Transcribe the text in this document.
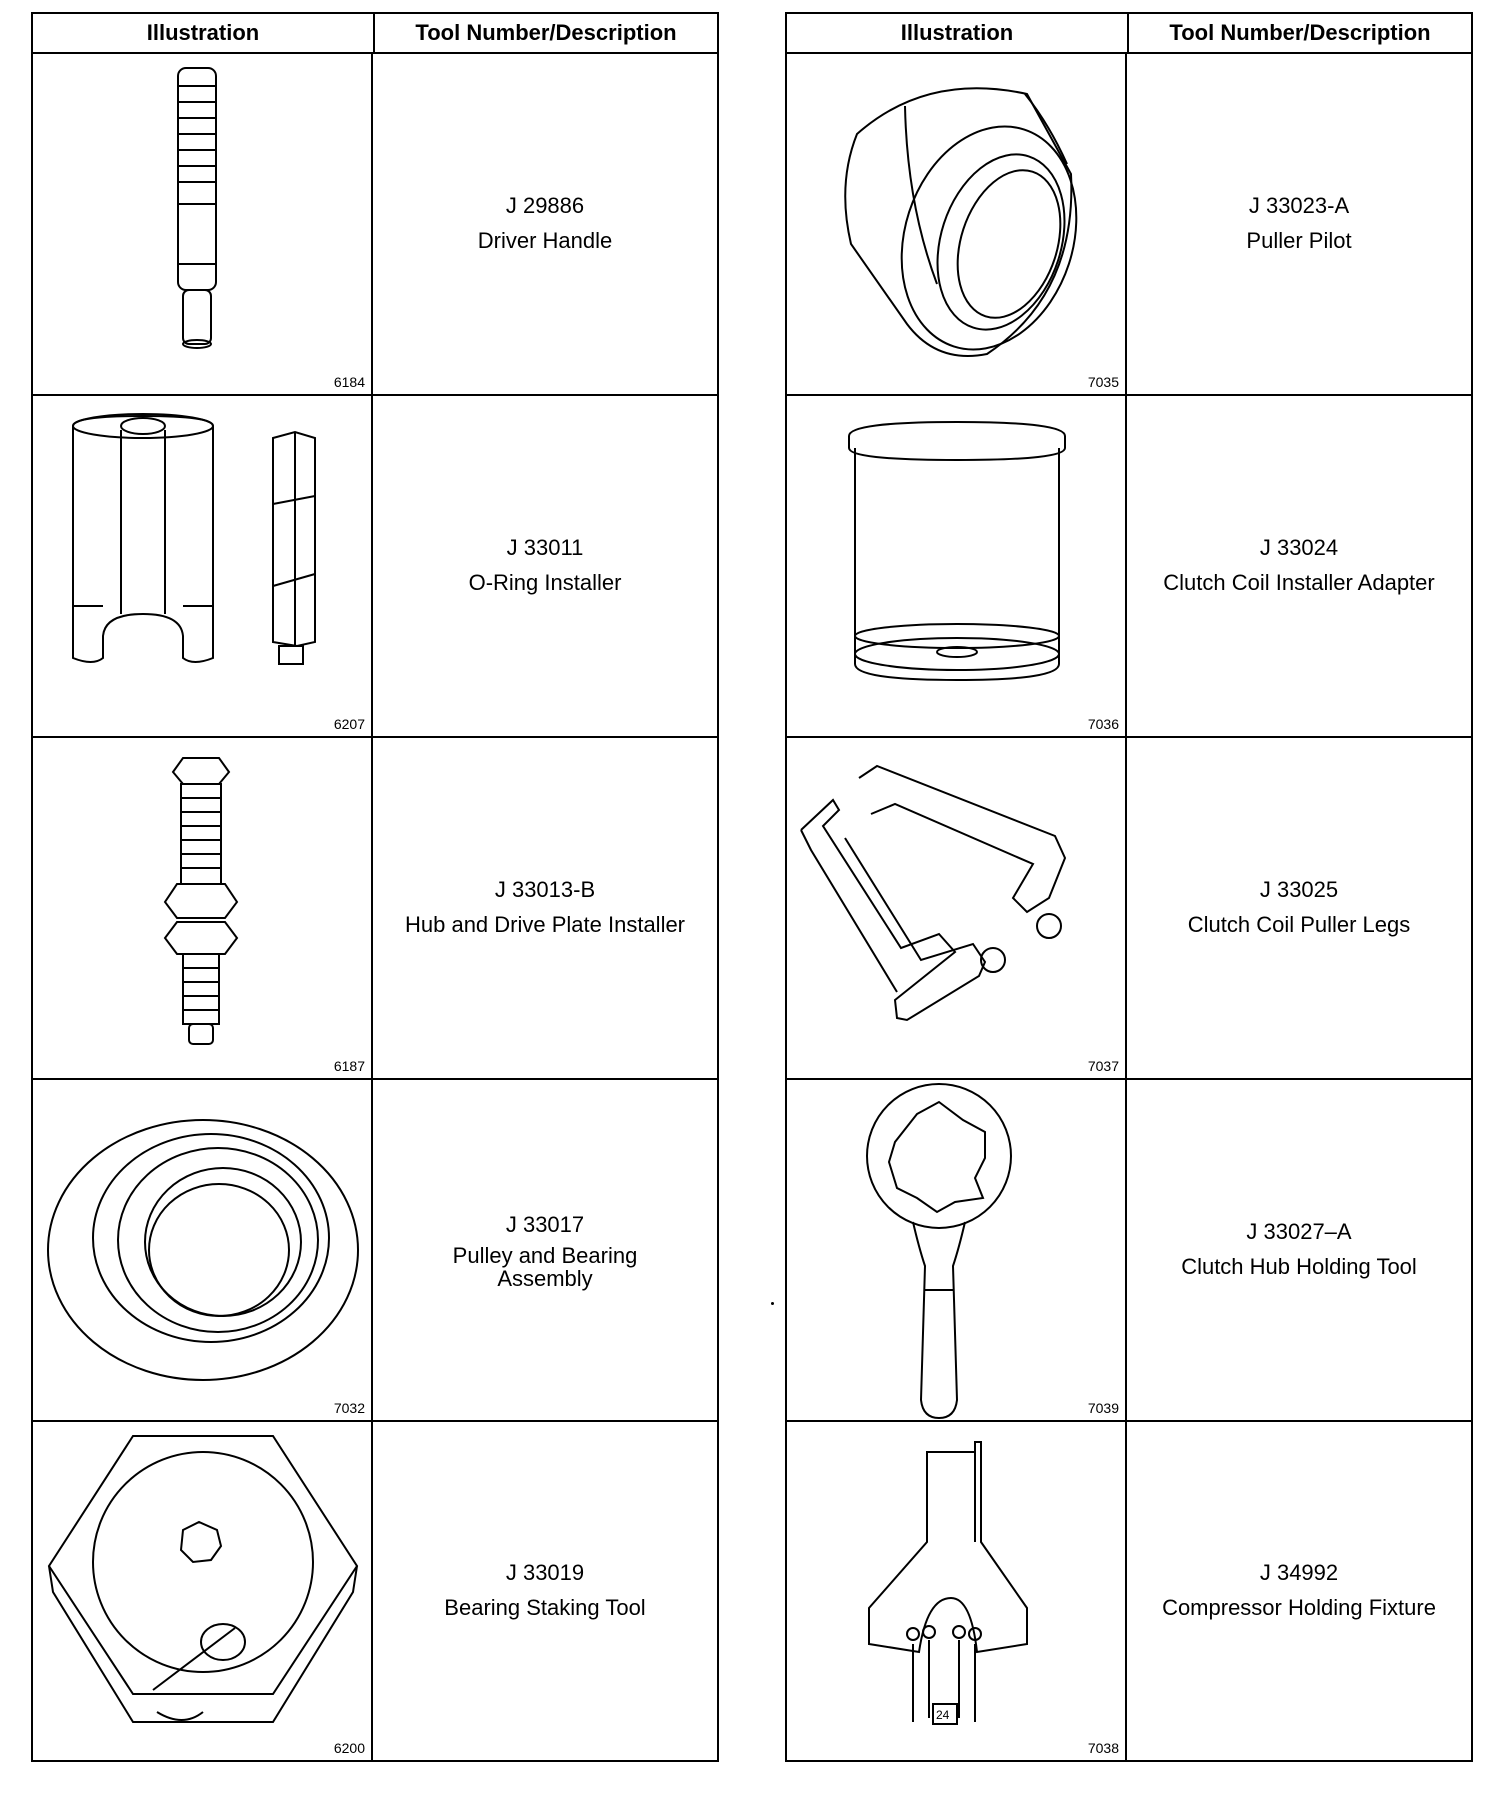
Illustration	Tool Number/Description
6184
J 29886
Driver Handle
6207
J 33011
O-Ring Installer
6187
J 33013-B
Hub and Drive Plate Installer
7032
J 33017
Pulley and Bearing Assembly
6200
J 33019
Bearing Staking Tool
Illustration	Tool Number/Description
7035
J 33023-A
Puller Pilot
7036
J 33024
Clutch Coil Installer Adapter
7037
J 33025
Clutch Coil Puller Legs
7039
J 33027–A
Clutch Hub Holding Tool
24
7038
J 34992
Compressor Holding Fixture
